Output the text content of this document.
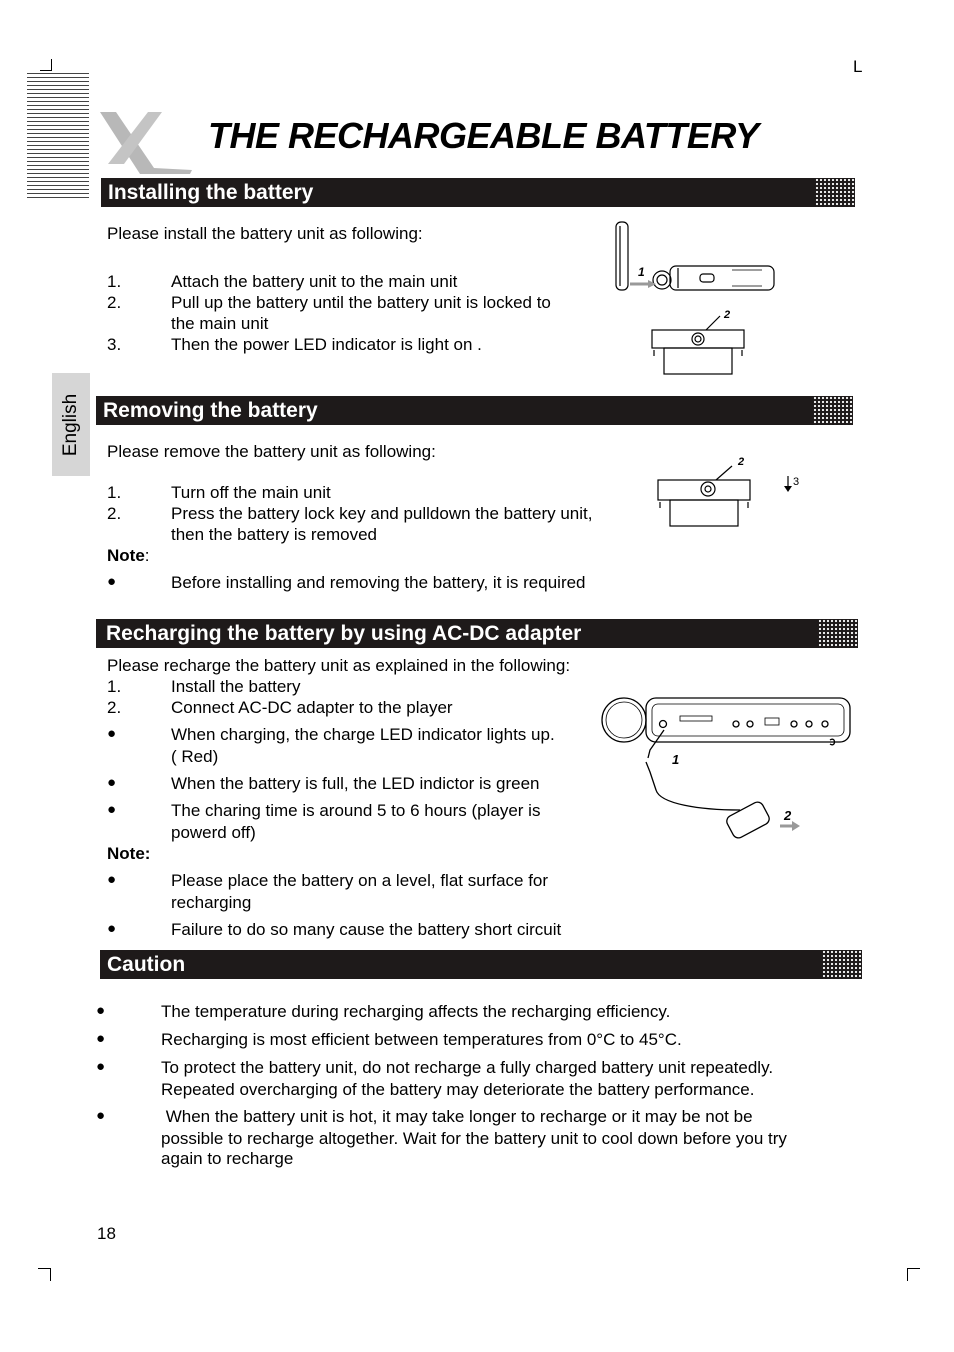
L
THE RECHARGEABLE BATTERY
English
Installing the battery
Please install the battery unit as following:
1.	Attach the battery unit to the main unit
2.	Pull up the battery until the battery unit is locked to
the main unit
3.	Then the power LED indicator is light on .
1
2
Removing the battery
Please remove the battery unit as following:
1.	Turn off the main unit
2.	Press the battery lock key and pulldown the battery unit,
then the battery is removed
Note:
●	Before installing and removing the battery, it is required
2
3
Recharging the battery by using AC-DC adapter
Please recharge the battery unit as explained in the following:
1.	Install the battery
2.	Connect AC-DC adapter to the player
●	When charging, the charge LED indicator lights up.
( Red)
●	When the battery is full, the LED indictor is green
●	The charing time is around 5 to 6 hours (player is
powerd off)
Note:
●	Please place the battery on a level, flat surface for
recharging
●	Failure to do so many cause the battery short circuit
1
2
Caution
●	The temperature during recharging affects the recharging efficiency.
●	Recharging is most efficient between temperatures from 0°C to 45°C.
●	To protect the battery unit, do not recharge a fully charged battery unit repeatedly.
Repeated overcharging of the battery may deteriorate the battery performance.
●	When the battery unit is hot, it may take longer to recharge or it may be not be
possible to recharge altogether. Wait for the battery unit to cool down before you try
again to recharge
18
